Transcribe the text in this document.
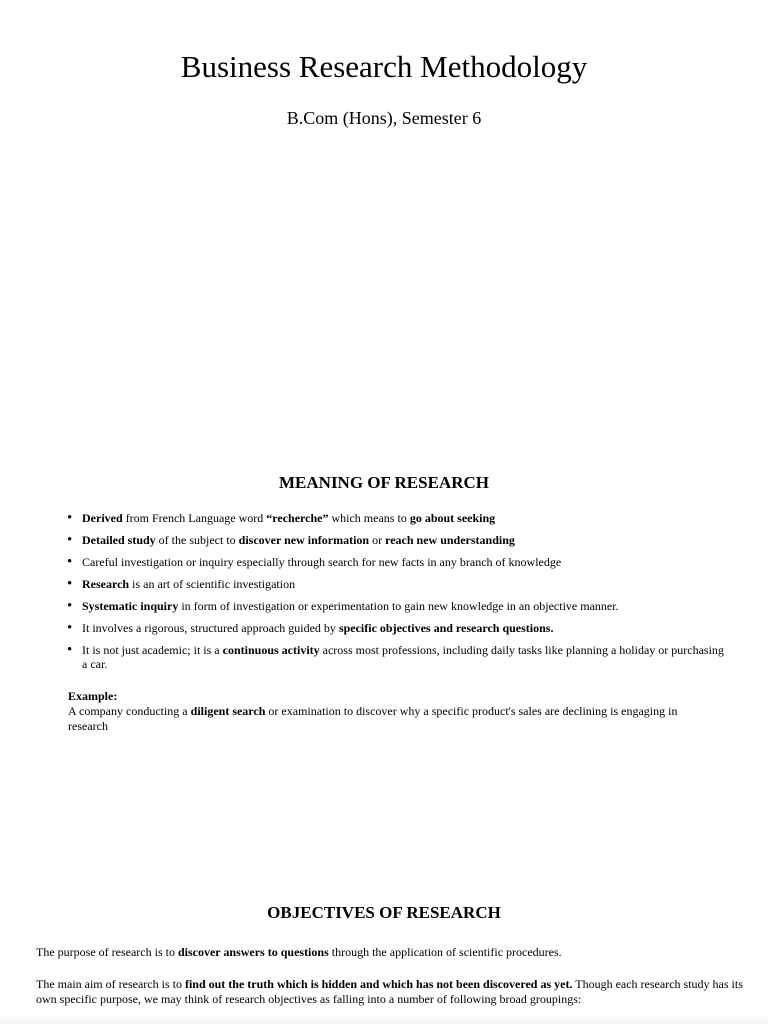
Business Research Methodology
B.Com (Hons), Semester 6
MEANING OF RESEARCH
• Derived from French Language word “recherche” which means to go about seeking
• Detailed study of the subject to discover new information or reach new understanding
• Careful investigation or inquiry especially through search for new facts in any branch of knowledge
• Research is an art of scientific investigation
• Systematic inquiry in form of investigation or experimentation to gain new knowledge in an objective manner.
• It involves a rigorous, structured approach guided by specific objectives and research questions.
• It is not just academic; it is a continuous activity across most professions, including daily tasks like planning a holiday or purchasing a car.
Example:
A company conducting a diligent search or examination to discover why a specific product's sales are declining is engaging in research
OBJECTIVES OF RESEARCH

The purpose of research is to discover answers to questions through the application of scientific procedures.

The main aim of research is to find out the truth which is hidden and which has not been discovered as yet. Though each research study has its own specific purpose, we may think of research objectives as falling into a number of following broad groupings:
